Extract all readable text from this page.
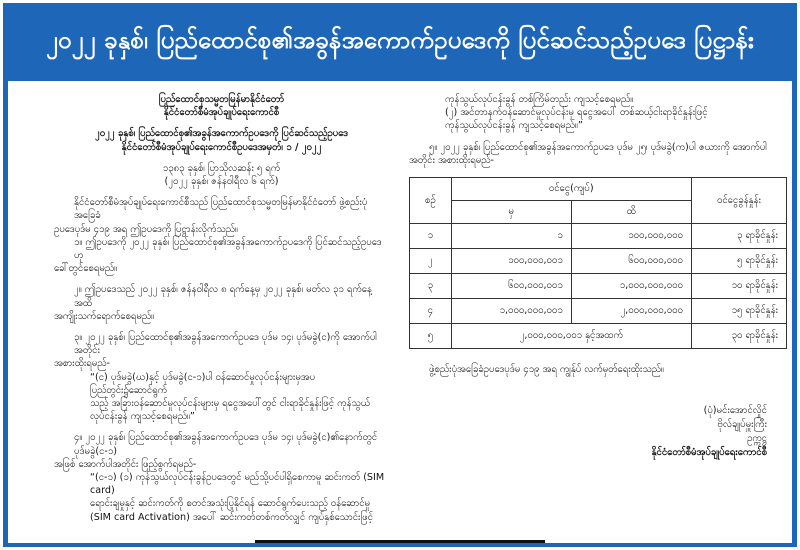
၂၀၂၂ ခုနှစ်၊ ပြည်ထောင်စု၏အခွန်အကောက်ဥပဒေကို ပြင်ဆင်သည့်ဥပဒေ ပြဋ္ဌာန်း

ပြည်ထောင်စုသမ္မတမြန်မာနိုင်ငံတော်

နိုင်ငံတော်စီမံအုပ်ချုပ်ရေးကောင်စီ

၂၀၂၂ ခုနှစ်၊ ပြည်ထောင်စု၏အခွန်အကောက်ဥပဒေကို ပြင်ဆင်သည့်ဥပဒေ

နိုင်ငံတော်စီမံအုပ်ချုပ်ရေးကောင်စီဥပဒေအမှတ်၊ ၁ / ၂၀၂၂

၁၃၈၃ ခုနှစ်၊ ပြာသိုလဆန်း ၅ ရက်

(၂၀၂၂ ခုနှစ်၊ ဇန်နဝါရီလ ၆ ရက်)

နိုင်ငံတော်စီမံအုပ်ချုပ်ရေးကောင်စီသည် ပြည်ထောင်စုသမ္မတမြန်မာနိုင်ငံတော် ဖွဲ့စည်းပုံအခြေခံ

ဥပဒေပုဒ်မ ၄၁၉ အရ ဤဥပဒေကို ပြဋ္ဌာန်းလိုက်သည်။

၁။ ဤဥပဒေကို ၂၀၂၂ ခုနှစ်၊ ပြည်ထောင်စု၏အခွန်အကောက်ဥပဒေကို ပြင်ဆင်သည့်ဥပဒေဟု

ခေါ်တွင်စေရမည်။

၂။ ဤဥပဒေသည် ၂၀၂၂ ခုနှစ်၊ ဇန်နဝါရီလ ၈ ရက်နေ့မှ ၂၀၂၂ ခုနှစ်၊ မတ်လ ၃၁ ရက်နေ့အထိ

အကျိုးသက်ရောက်စေရမည်။

၃။ ၂၀၂၂ ခုနှစ်၊ ပြည်ထောင်စု၏အခွန်အကောက်ဥပဒေ ပုဒ်မ ၁၄၊ ပုဒ်မခွဲ(င)ကို အောက်ပါအတိုင်း

အစားထိုးရမည်-

“(င) ပုဒ်မခွဲ(ဃ)နှင့် ပုဒ်မခွဲ(င-၁)ပါ ဝန်ဆောင်မှုလုပ်ငန်းများမှအပ ပြည်တွင်း၌ဆောင်ရွက်

သည့် အခြားဝန်ဆောင်မှုလုပ်ငန်းများမှ ရငွေအပေါ်တွင် ငါးရာခိုင်နှုန်းဖြင့် ကုန်သွယ်

လုပ်ငန်းခွန် ကျသင့်စေရမည်။”

၄။ ၂၀၂၂ ခုနှစ်၊ ပြည်ထောင်စု၏အခွန်အကောက်ဥပဒေ ပုဒ်မ ၁၄၊ ပုဒ်မခွဲ(င)၏နောက်တွင် ပုဒ်မခွဲ(င-၁)

အဖြစ် အောက်ပါအတိုင်း ဖြည့်စွက်ရမည်-

“(င-၁) (၁) ကုန်သွယ်လုပ်ငန်းခွန်ဥပဒေတွင် မည်သို့ပင်ပါရှိစေကာမူ ဆင်းကတ် (SIM card)

ရောင်းချမှုနှင့် ဆင်းကတ်ကို စတင်အသုံးပြုနိုင်ရန် ဆောင်ရွက်ပေးသည့် ဝန်ဆောင်မှု

(SIM card Activation) အပေါ် ဆင်းကတ်တစ်ကတ်လျှင် ကျပ်နှစ်သောင်းဖြင့်

ကုန်သွယ်လုပ်ငန်းခွန် တစ်ကြိမ်တည်း ကျသင့်စေရမည်။

(၂) အင်တာနက်ဝန်ဆောင်မှုလုပ်ငန်းမှ ရငွေအပေါ် တစ်ဆယ့်ငါးရာခိုင်နှုန်းဖြင့်

ကုန်သွယ်လုပ်ငန်းခွန် ကျသင့်စေရမည်။”

၅။ ၂၀၂၂ ခုနှစ်၊ ပြည်ထောင်စု၏အခွန်အကောက်ဥပဒေ ပုဒ်မ ၂၅၊ ပုဒ်မခွဲ(က)ပါ ဇယားကို အောက်ပါ

အတိုင်း အစားထိုးရမည်-

စဉ်	ဝင်ငွေ(ကျပ်)		ဝင်ငွေခွန်နှုန်း
	မှ	ထိ	
၁	၁	၁၀၀,၀၀၀,၀၀၀	၃ ရာခိုင်နှုန်း
၂	၁၀၀,၀၀၀,၀၀၁	၆၀၀,၀၀၀,၀၀၀	၅ ရာခိုင်နှုန်း
၃	၆၀၀,၀၀၀,၀၀၁	၁,၀၀၀,၀၀၀,၀၀၀	၁၀ ရာခိုင်နှုန်း
၄	၁,၀၀၀,၀၀၀,၀၀၁	၂,၀၀၀,၀၀၀,၀၀၀	၁၅ ရာခိုင်နှုန်း
၅	၂,၀၀၀,၀၀၀,၀၀၁ နှင့်အထက်		၃၀ ရာခိုင်နှုန်း

ဖွဲ့စည်းပုံအခြေခံဥပဒေပုဒ်မ ၄၁၉ အရ ကျွန်ုပ် လက်မှတ်ရေးထိုးသည်။

(ပုံ)မင်းအောင်လှိုင်

ဗိုလ်ချုပ်မှူးကြီး

ဥက္ကဋ္ဌ

နိုင်ငံတော်စီမံအုပ်ချုပ်ရေးကောင်စီ
